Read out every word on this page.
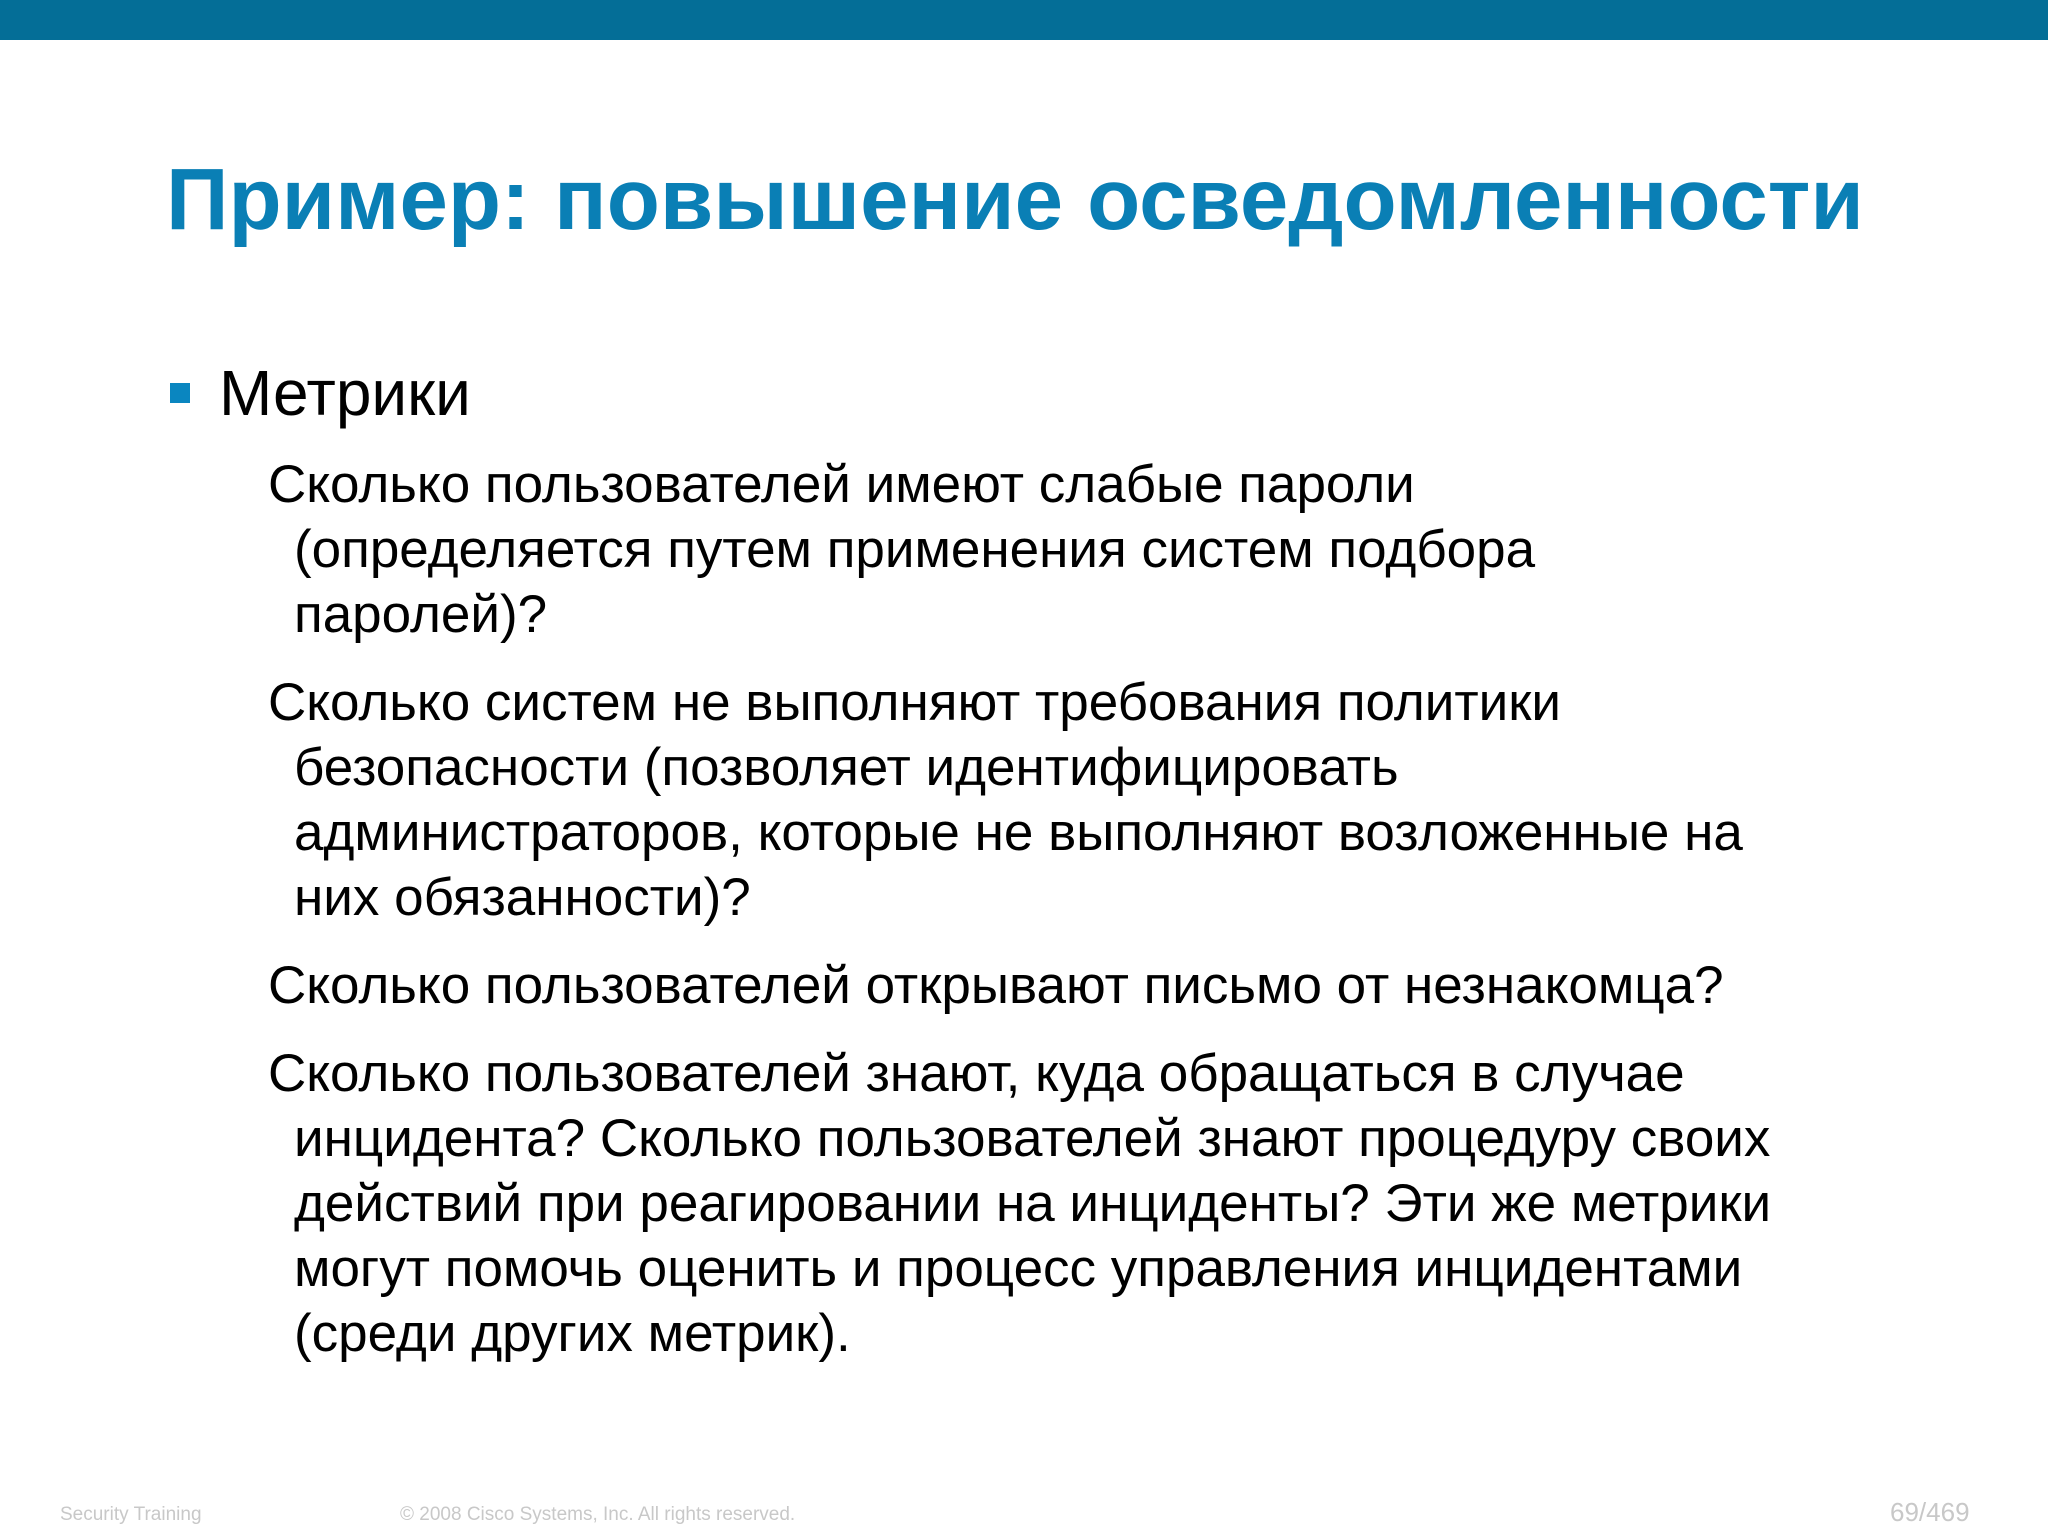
Пример: повышение осведомленности
Метрики
Сколько пользователей имеют слабые пароли
(определяется путем применения систем подбора
паролей)?
Сколько систем не выполняют требования политики
безопасности (позволяет идентифицировать
администраторов, которые не выполняют возложенные на
них обязанности)?
Сколько пользователей открывают письмо от незнакомца?
Сколько пользователей знают, куда обращаться в случае
инцидента? Сколько пользователей знают процедуру своих
действий при реагировании на инциденты? Эти же метрики
могут помочь оценить и процесс управления инцидентами
(среди других метрик).
Security Training	© 2008 Cisco Systems, Inc. All rights reserved.	69/469
